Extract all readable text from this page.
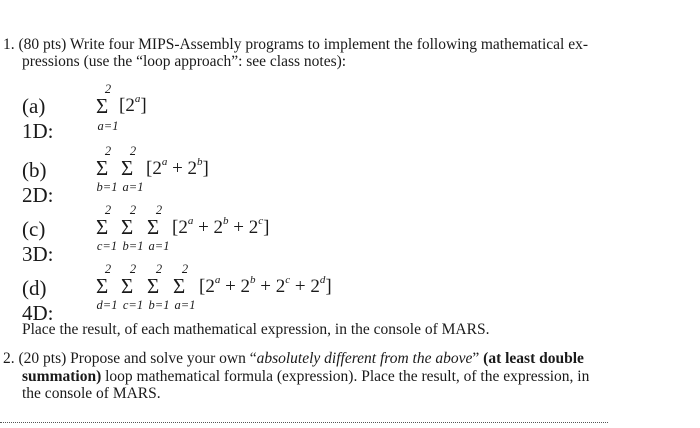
1. (80 pts) Write four MIPS-Assembly programs to implement the following mathematical ex-
pressions (use the “loop approach”: see class notes):
(a) 1D:
2
Σ
a=1
[2$^a$]
(b) 2D:
2
Σ
b=1
2
Σ
a=1
$[2^a + 2^b]$
(c) 3D:
2
Σ
c=1
2
Σ
b=1
2
Σ
a=1
$[2^a + 2^b + 2^c]$
(d) 4D:
2
Σ
d=1
2
Σ
c=1
2
Σ
b=1
2
Σ
a=1
$[2^a + 2^b + 2^c + 2^d]$
Place the result, of each mathematical expression, in the console of MARS.
2. (20 pts) Propose and solve your own “absolutely different from the above” (at least double
summation) loop mathematical formula (expression). Place the result, of the expression, in
the console of MARS.
